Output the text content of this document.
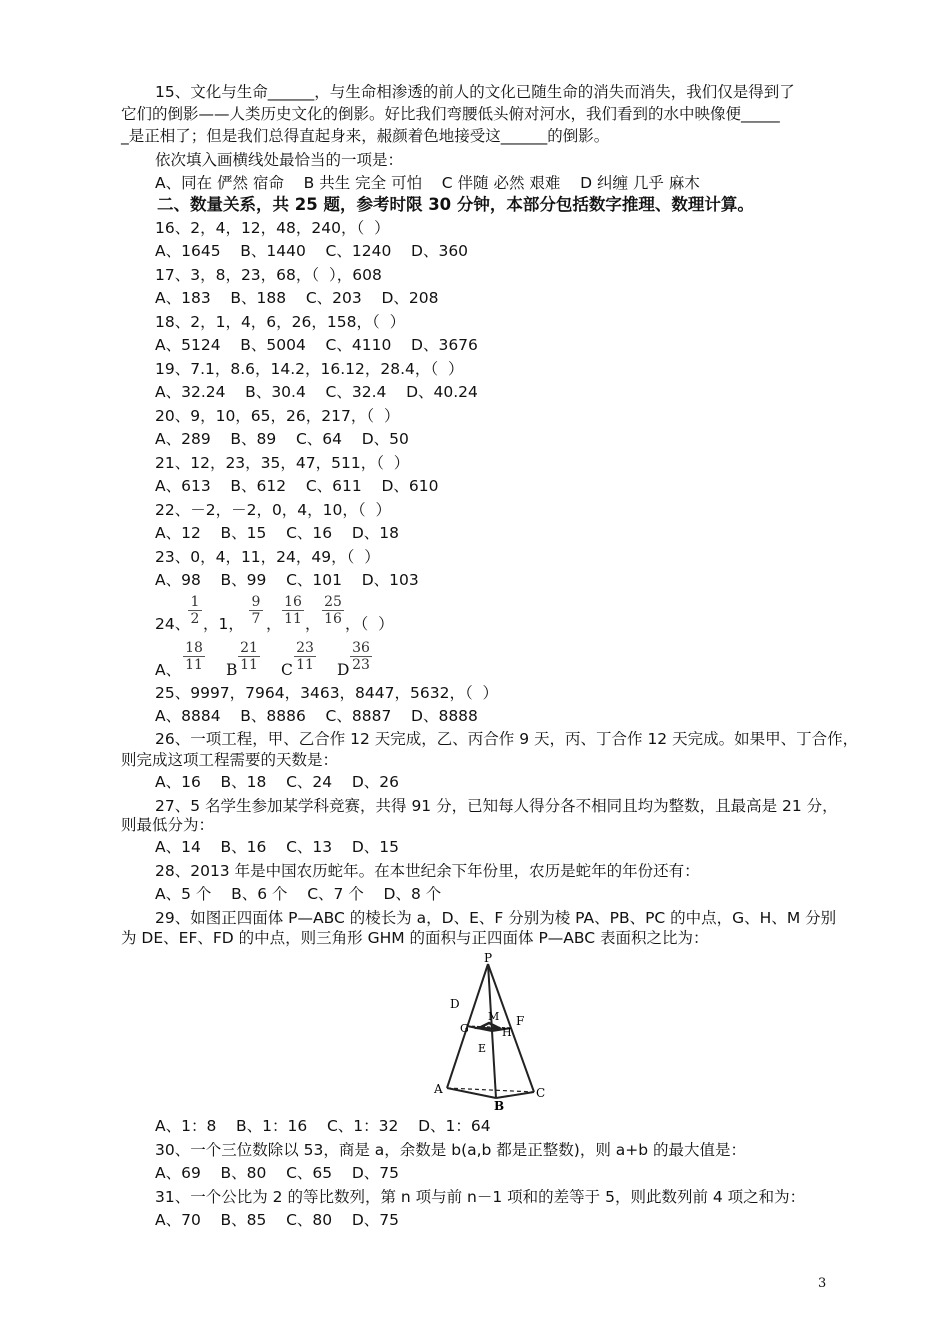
15、文化与生命______，与生命相渗透的前人的文化已随生命的消失而消失，我们仅是得到了
它们的倒影——人类历史文化的倒影。好比我们弯腰低头俯对河水，我们看到的水中映像便_____
_是正相了；但是我们总得直起身来，赧颜着色地接受这______的倒影。
依次填入画横线处最恰当的一项是：
A、同在 俨然 宿命    B 共生 完全 可怕    C 伴随 必然 艰难    D 纠缠 几乎 麻木
二、数量关系，共 25 题，参考时限 30 分钟，本部分包括数字推理、数理计算。
16、2，4，12，48，240，（  ）
A、1645    B、1440    C、1240    D、360
17、3，8，23，68，（  ），608
A、183    B、188    C、203    D、208
18、2，1，4，6，26，158，（  ）
A、5124    B、5004    C、4110    D、3676
19、7.1，8.6，14.2，16.12，28.4，（  ）
A、32.24    B、30.4    C、32.4    D、40.24
20、9，10，65，26，217，（  ）
A、289    B、89    C、64    D、50
21、12，23，35，47，511，（  ）
A、613    B、612    C、611    D、610
22、－2，－2，0，4，10，（  ）
A、12    B、15    C、16    D、18
23、0，4，11，24，49，（  ）
A、98    B、99    C、101    D、103
24、
$\frac{1}{2}$ ，1， $\frac{9}{7}$ ， $\frac{16}{11}$ ， $\frac{25}{16}$ ，（  ）
A、 $\frac{18}{11}$ B $\frac{21}{11}$ C $\frac{23}{11}$ D $\frac{36}{23}$
25、9997，7964，3463，8447，5632，（  ）
A、8884    B、8886    C、8887    D、8888
26、一项工程，甲、乙合作 12 天完成，乙、丙合作 9 天，丙、丁合作 12 天完成。如果甲、丁合作，
则完成这项工程需要的天数是：
A、16    B、18    C、24    D、26
27、5 名学生参加某学科竞赛，共得 91 分，已知每人得分各不相同且均为整数，且最高是 21 分，
则最低分为：
A、14    B、16    C、13    D、15
28、2013 年是中国农历蛇年。在本世纪余下年份里，农历是蛇年的年份还有：
A、5 个    B、6 个    C、7 个    D、8 个
29、如图正四面体 P—ABC 的棱长为 a，D、E、F 分别为棱 PA、PB、PC 的中点，G、H、M 分别
为 DE、EF、FD 的中点，则三角形 GHM 的面积与正四面体 P—ABC 表面积之比为：
P
D
M F
G	H
E
A	C
B
A、1：8    B、1：16    C、1：32    D、1：64
30、一个三位数除以 53，商是 a，余数是 b(a,b 都是正整数)，则 a+b 的最大值是：
A、69    B、80    C、65    D、75
31、一个公比为 2 的等比数列，第 n 项与前 n－1 项和的差等于 5，则此数列前 4 项之和为：
A、70    B、85    C、80    D、75
3
